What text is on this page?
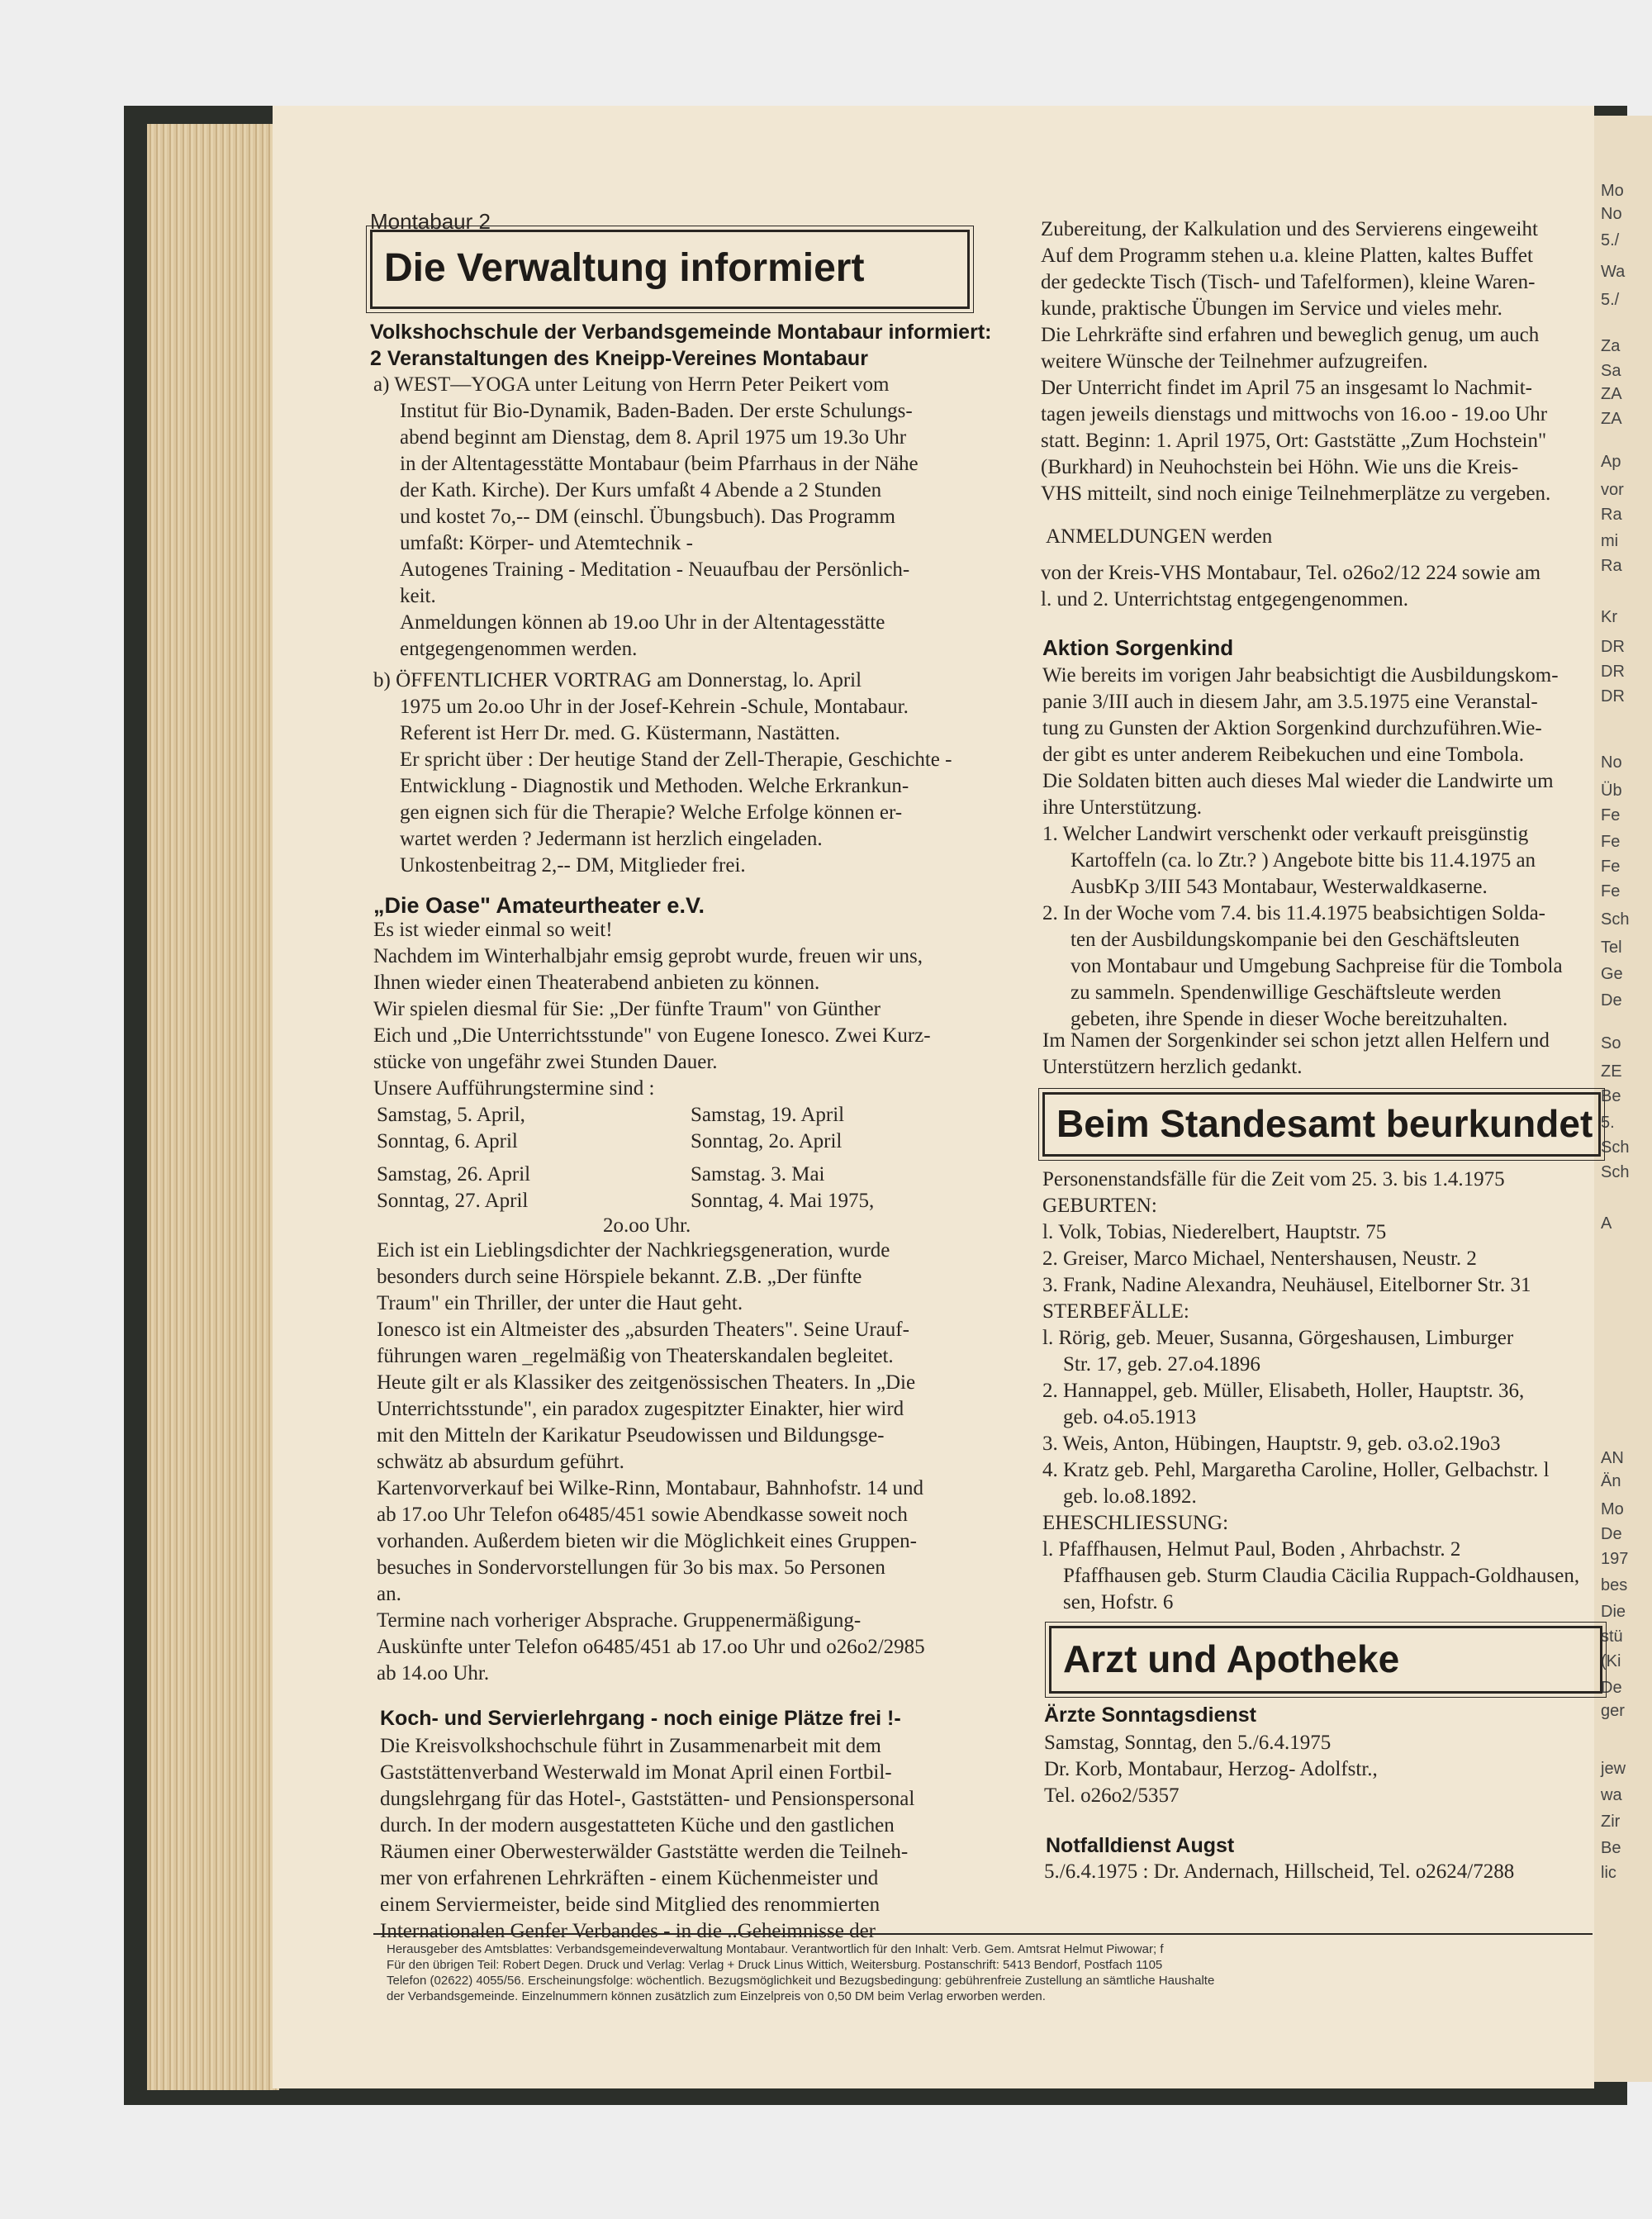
Mo
No
5./
Wa
5./
Za
Sa
ZA
ZA
Ap
vor
Ra
mi
Ra
Kr
DR
DR
DR
No
Üb
Fe
Fe
Fe
Fe
Sch
Tel
Ge
De
So
ZE
Be
5.
Sch
Sch
A
AN
Än
Mo
De
197
bes
Die
stü
(Ki
De
ger
jew
wa
Zir
Be
lic
Montabaur 2
Die Verwaltung informiert
Volkshochschule der Verbandsgemeinde Montabaur informiert:
2 Veranstaltungen des Kneipp-Vereines Montabaur
a) WEST—YOGA unter Leitung von Herrn Peter Peikert vom
Institut für Bio-Dynamik, Baden-Baden. Der erste Schulungs-
abend beginnt am Dienstag, dem 8. April 1975 um 19.3o Uhr
in der Altentagesstätte Montabaur (beim Pfarrhaus in der Nähe
der Kath. Kirche). Der Kurs umfaßt 4 Abende a 2 Stunden
und kostet 7o,-- DM (einschl. Übungsbuch). Das Programm
umfaßt: Körper- und Atemtechnik -
Autogenes Training - Meditation - Neuaufbau der Persönlich-
keit.
Anmeldungen können ab 19.oo Uhr in der Altentagesstätte
entgegengenommen werden.
b) ÖFFENTLICHER VORTRAG am Donnerstag, lo. April
1975 um 2o.oo Uhr in der Josef-Kehrein -Schule, Montabaur.
Referent ist Herr Dr. med. G. Küstermann, Nastätten.
Er spricht über : Der heutige Stand der Zell-Therapie, Geschichte -
Entwicklung - Diagnostik und Methoden. Welche Erkrankun-
gen eignen sich für die Therapie? Welche Erfolge können er-
wartet werden ? Jedermann ist herzlich eingeladen.
Unkostenbeitrag 2,-- DM, Mitglieder frei.
„Die Oase" Amateurtheater e.V.
Es ist wieder einmal so weit!
Nachdem im Winterhalbjahr emsig geprobt wurde, freuen wir uns,
Ihnen wieder einen Theaterabend anbieten zu können.
Wir spielen diesmal für Sie: „Der fünfte Traum" von Günther
Eich und „Die Unterrichtsstunde" von Eugene Ionesco. Zwei Kurz-
stücke von ungefähr zwei Stunden Dauer.
Unsere Aufführungstermine sind :
Samstag, 5. April,	Samstag, 19. April
Sonntag, 6. April	Sonntag, 2o. April
Samstag, 26. April	Samstag. 3. Mai
Sonntag, 27. April	Sonntag, 4. Mai 1975,
2o.oo Uhr.
Eich ist ein Lieblingsdichter der Nachkriegsgeneration, wurde
besonders durch seine Hörspiele bekannt. Z.B. „Der fünfte
Traum" ein Thriller, der unter die Haut geht.
Ionesco ist ein Altmeister des „absurden Theaters". Seine Urauf-
führungen waren _regelmäßig von Theaterskandalen begleitet.
Heute gilt er als Klassiker des zeitgenössischen Theaters. In „Die
Unterrichtsstunde", ein paradox zugespitzter Einakter, hier wird
mit den Mitteln der Karikatur Pseudowissen und Bildungsge-
schwätz ab absurdum geführt.
Kartenvorverkauf bei Wilke-Rinn, Montabaur, Bahnhofstr. 14 und
ab 17.oo Uhr Telefon o6485/451 sowie Abendkasse soweit noch
vorhanden. Außerdem bieten wir die Möglichkeit eines Gruppen-
besuches in Sondervorstellungen für 3o bis max. 5o Personen
an.
Termine nach vorheriger Absprache. Gruppenermäßigung-
Auskünfte unter Telefon o6485/451 ab 17.oo Uhr und o26o2/2985
ab 14.oo Uhr.
Koch- und Servierlehrgang - noch einige Plätze frei !-
Die Kreisvolkshochschule führt in Zusammenarbeit mit dem
Gaststättenverband Westerwald im Monat April einen Fortbil-
dungslehrgang für das Hotel-, Gaststätten- und Pensionspersonal
durch. In der modern ausgestatteten Küche und den gastlichen
Räumen einer Oberwesterwälder Gaststätte werden die Teilneh-
mer von erfahrenen Lehrkräften - einem Küchenmeister und
einem Serviermeister, beide sind Mitglied des renommierten
Internationalen Genfer Verbandes - in die ..Geheimnisse der
Zubereitung, der Kalkulation und des Servierens eingeweiht
Auf dem Programm stehen u.a. kleine Platten, kaltes Buffet
der gedeckte Tisch (Tisch- und Tafelformen), kleine Waren-
kunde, praktische Übungen im Service und vieles mehr.
Die Lehrkräfte sind erfahren und beweglich genug, um auch
weitere Wünsche der Teilnehmer aufzugreifen.
Der Unterricht findet im April 75 an insgesamt lo Nachmit-
tagen jeweils dienstags und mittwochs von 16.oo - 19.oo Uhr
statt. Beginn: 1. April 1975, Ort: Gaststätte „Zum Hochstein"
(Burkhard) in Neuhochstein bei Höhn. Wie uns die Kreis-
VHS mitteilt, sind noch einige Teilnehmerplätze zu vergeben.
ANMELDUNGEN werden
von der Kreis-VHS Montabaur, Tel. o26o2/12 224 sowie am
l. und 2. Unterrichtstag entgegengenommen.
Aktion Sorgenkind
Wie bereits im vorigen Jahr beabsichtigt die Ausbildungskom-
panie 3/III auch in diesem Jahr, am 3.5.1975 eine Veranstal-
tung zu Gunsten der Aktion Sorgenkind durchzuführen.Wie-
der gibt es unter anderem Reibekuchen und eine Tombola.
Die Soldaten bitten auch dieses Mal wieder die Landwirte um
ihre Unterstützung.
1. Welcher Landwirt verschenkt oder verkauft preisgünstig
Kartoffeln (ca. lo Ztr.? ) Angebote bitte bis 11.4.1975 an
AusbKp 3/III 543 Montabaur, Westerwaldkaserne.
2. In der Woche vom 7.4. bis 11.4.1975 beabsichtigen Solda-
ten der Ausbildungskompanie bei den Geschäftsleuten
von Montabaur und Umgebung Sachpreise für die Tombola
zu sammeln. Spendenwillige Geschäftsleute werden
gebeten, ihre Spende in dieser Woche bereitzuhalten.
Im Namen der Sorgenkinder sei schon jetzt allen Helfern und
Unterstützern herzlich gedankt.
Beim Standesamt beurkundet
Personenstandsfälle für die Zeit vom 25. 3. bis 1.4.1975
GEBURTEN:
l. Volk, Tobias, Niederelbert, Hauptstr. 75
2. Greiser, Marco Michael, Nentershausen, Neustr. 2
3. Frank, Nadine Alexandra, Neuhäusel, Eitelborner Str. 31
STERBEFÄLLE:
l. Rörig, geb. Meuer, Susanna, Görgeshausen, Limburger
Str. 17, geb. 27.o4.1896
2. Hannappel, geb. Müller, Elisabeth, Holler, Hauptstr. 36,
geb. o4.o5.1913
3. Weis, Anton, Hübingen, Hauptstr. 9, geb. o3.o2.19o3
4. Kratz geb. Pehl, Margaretha Caroline, Holler, Gelbachstr. l
geb. lo.o8.1892.
EHESCHLIESSUNG:
l. Pfaffhausen, Helmut Paul, Boden , Ahrbachstr. 2
Pfaffhausen geb. Sturm Claudia Cäcilia Ruppach-Goldhausen,
sen, Hofstr. 6
Arzt und Apotheke
Ärzte Sonntagsdienst
Samstag, Sonntag, den 5./6.4.1975
Dr. Korb, Montabaur, Herzog- Adolfstr.,
Tel. o26o2/5357
Notfalldienst Augst
5./6.4.1975 : Dr. Andernach, Hillscheid, Tel. o2624/7288
Herausgeber des Amtsblattes: Verbandsgemeindeverwaltung Montabaur. Verantwortlich für den Inhalt: Verb. Gem. Amtsrat Helmut Piwowar; f
Für den übrigen Teil: Robert Degen. Druck und Verlag: Verlag + Druck Linus Wittich, Weitersburg. Postanschrift: 5413 Bendorf, Postfach 1105
Telefon (02622) 4055/56. Erscheinungsfolge: wöchentlich. Bezugsmöglichkeit und Bezugsbedingung: gebührenfreie Zustellung an sämtliche Haushalte
der Verbandsgemeinde. Einzelnummern können zusätzlich zum Einzelpreis von 0,50 DM beim Verlag erworben werden.
